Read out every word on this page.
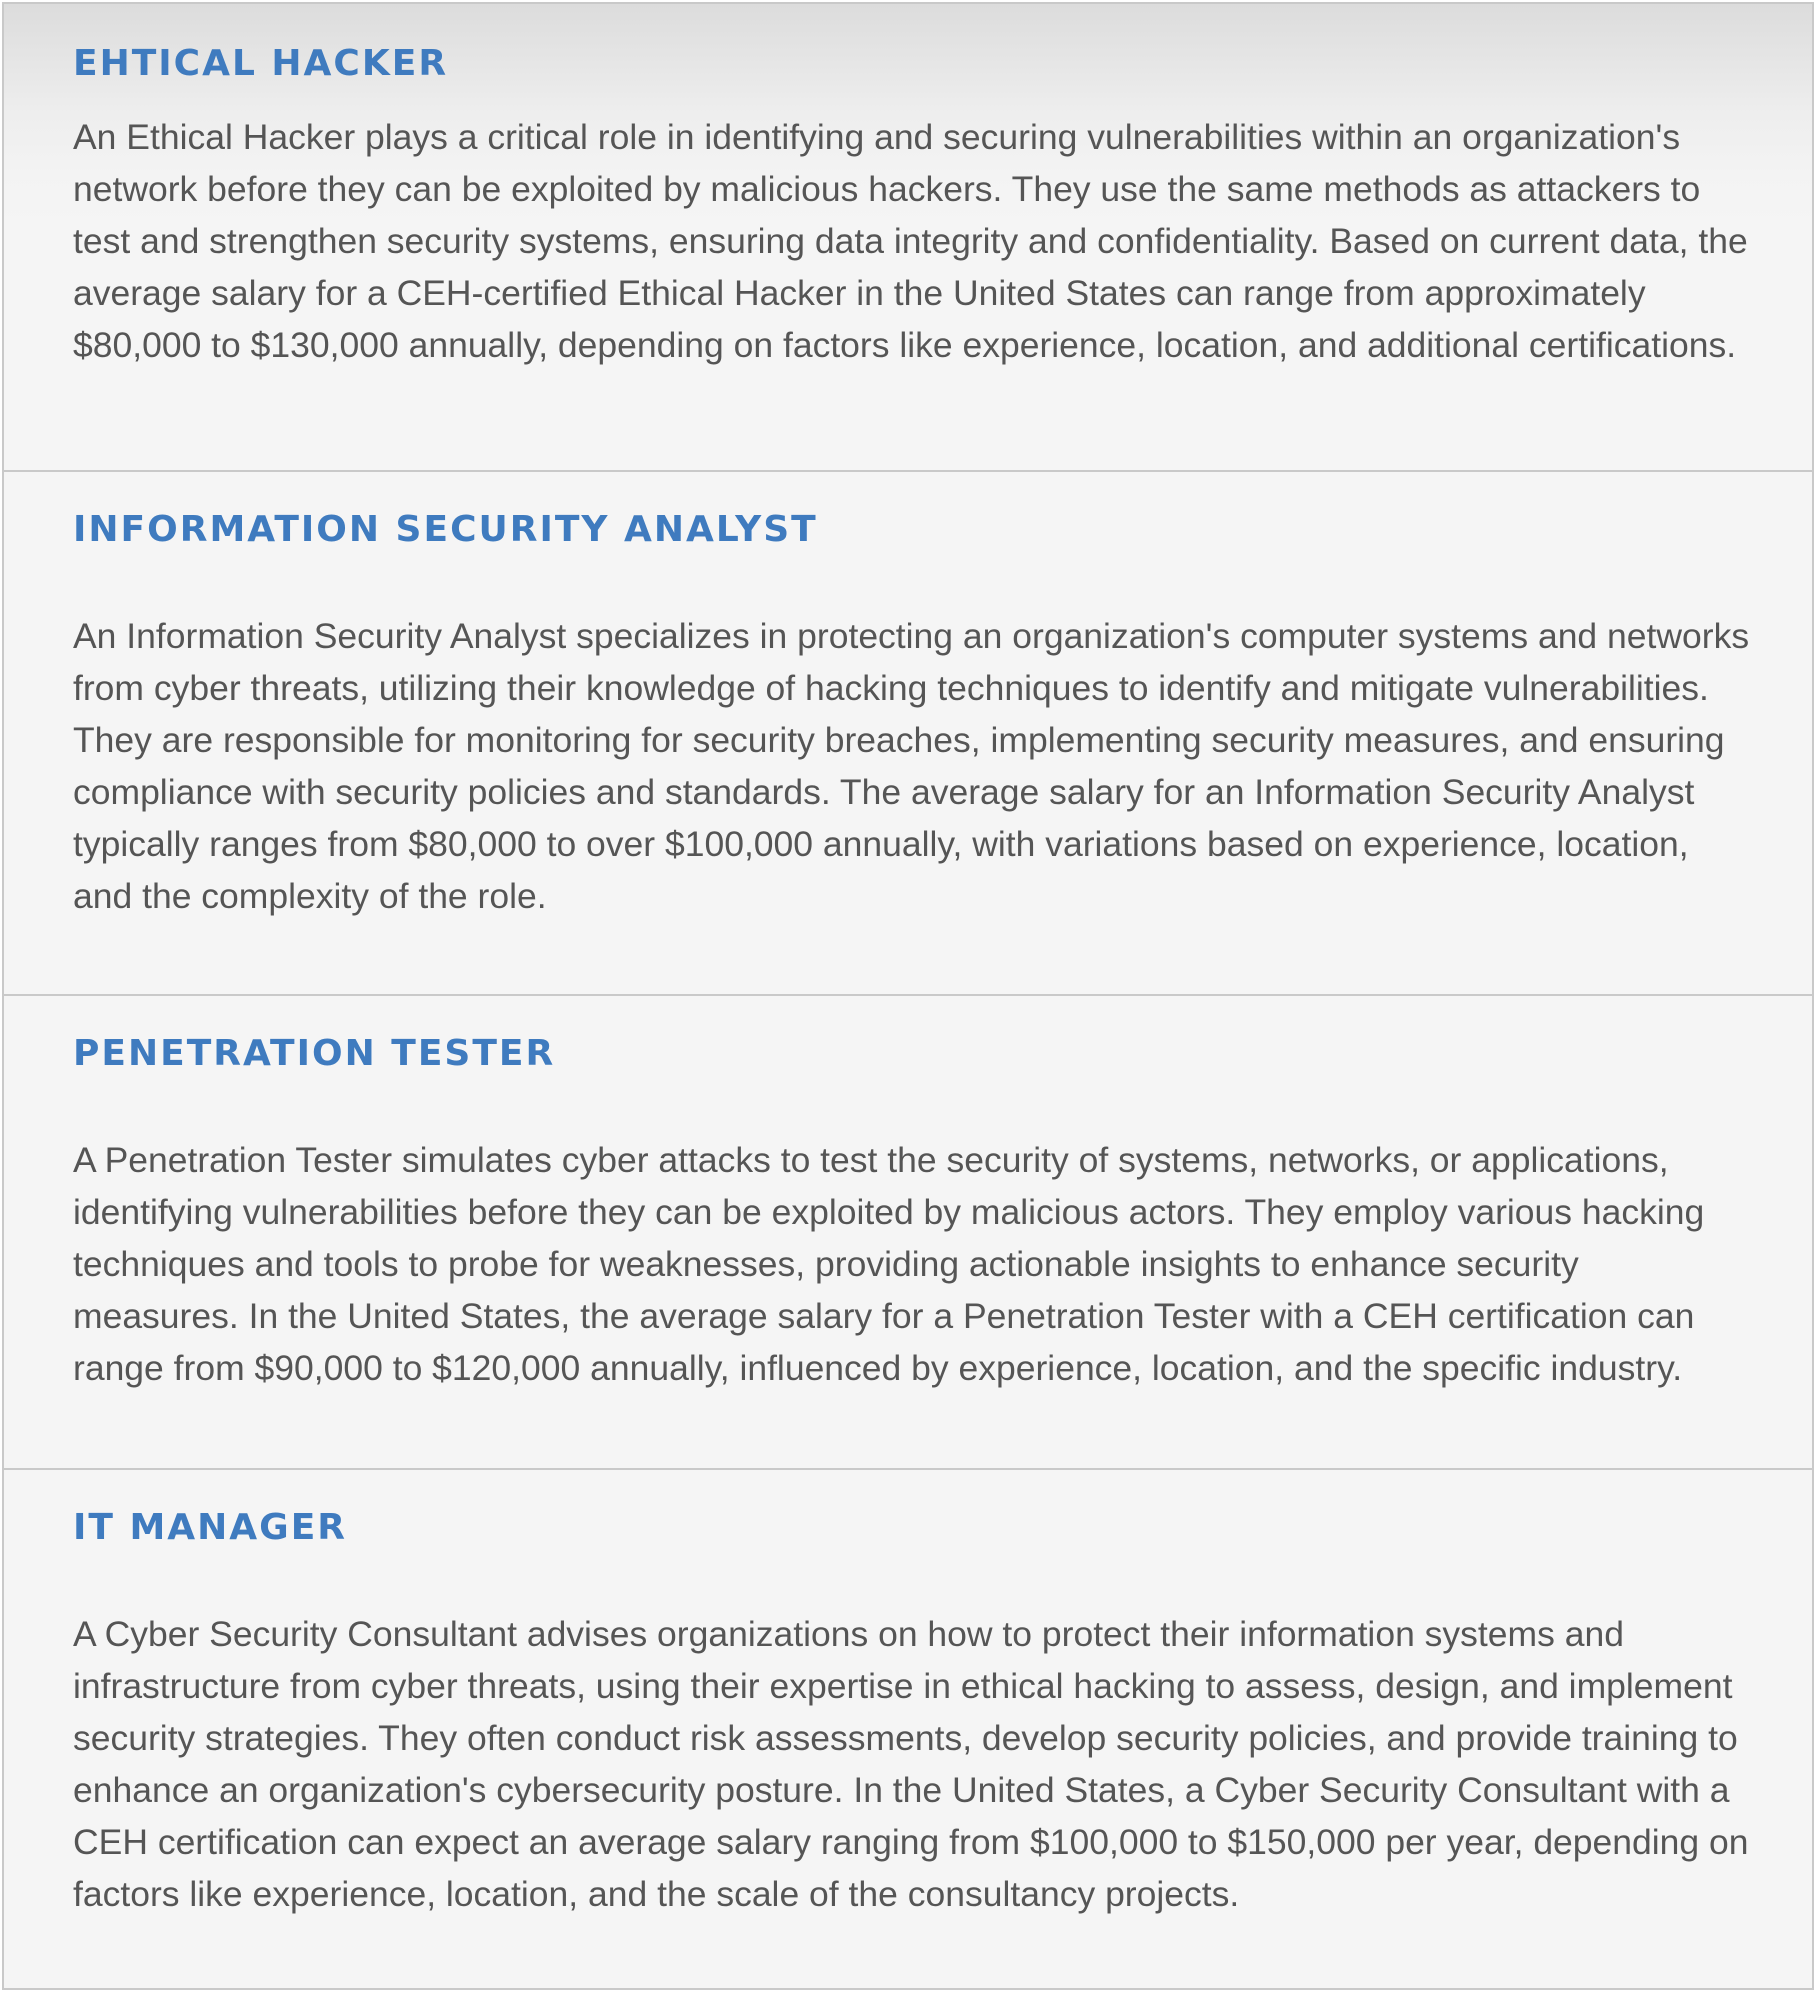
EHTICAL HACKER

An Ethical Hacker plays a critical role in identifying and securing vulnerabilities within an organization's network before they can be exploited by malicious hackers. They use the same methods as attackers to test and strengthen security systems, ensuring data integrity and confidentiality. Based on current data, the average salary for a CEH-certified Ethical Hacker in the United States can range from approximately $80,000 to $130,000 annually, depending on factors like experience, location, and additional certifications.

INFORMATION SECURITY ANALYST

An Information Security Analyst specializes in protecting an organization's computer systems and networks from cyber threats, utilizing their knowledge of hacking techniques to identify and mitigate vulnerabilities. They are responsible for monitoring for security breaches, implementing security measures, and ensuring compliance with security policies and standards. The average salary for an Information Security Analyst typically ranges from $80,000 to over $100,000 annually, with variations based on experience, location, and the complexity of the role.

PENETRATION TESTER

A Penetration Tester simulates cyber attacks to test the security of systems, networks, or applications, identifying vulnerabilities before they can be exploited by malicious actors. They employ various hacking techniques and tools to probe for weaknesses, providing actionable insights to enhance security measures. In the United States, the average salary for a Penetration Tester with a CEH certification can range from $90,000 to $120,000 annually, influenced by experience, location, and the specific industry.

IT MANAGER

A Cyber Security Consultant advises organizations on how to protect their information systems and infrastructure from cyber threats, using their expertise in ethical hacking to assess, design, and implement security strategies. They often conduct risk assessments, develop security policies, and provide training to enhance an organization's cybersecurity posture. In the United States, a Cyber Security Consultant with a CEH certification can expect an average salary ranging from $100,000 to $150,000 per year, depending on factors like experience, location, and the scale of the consultancy projects.
